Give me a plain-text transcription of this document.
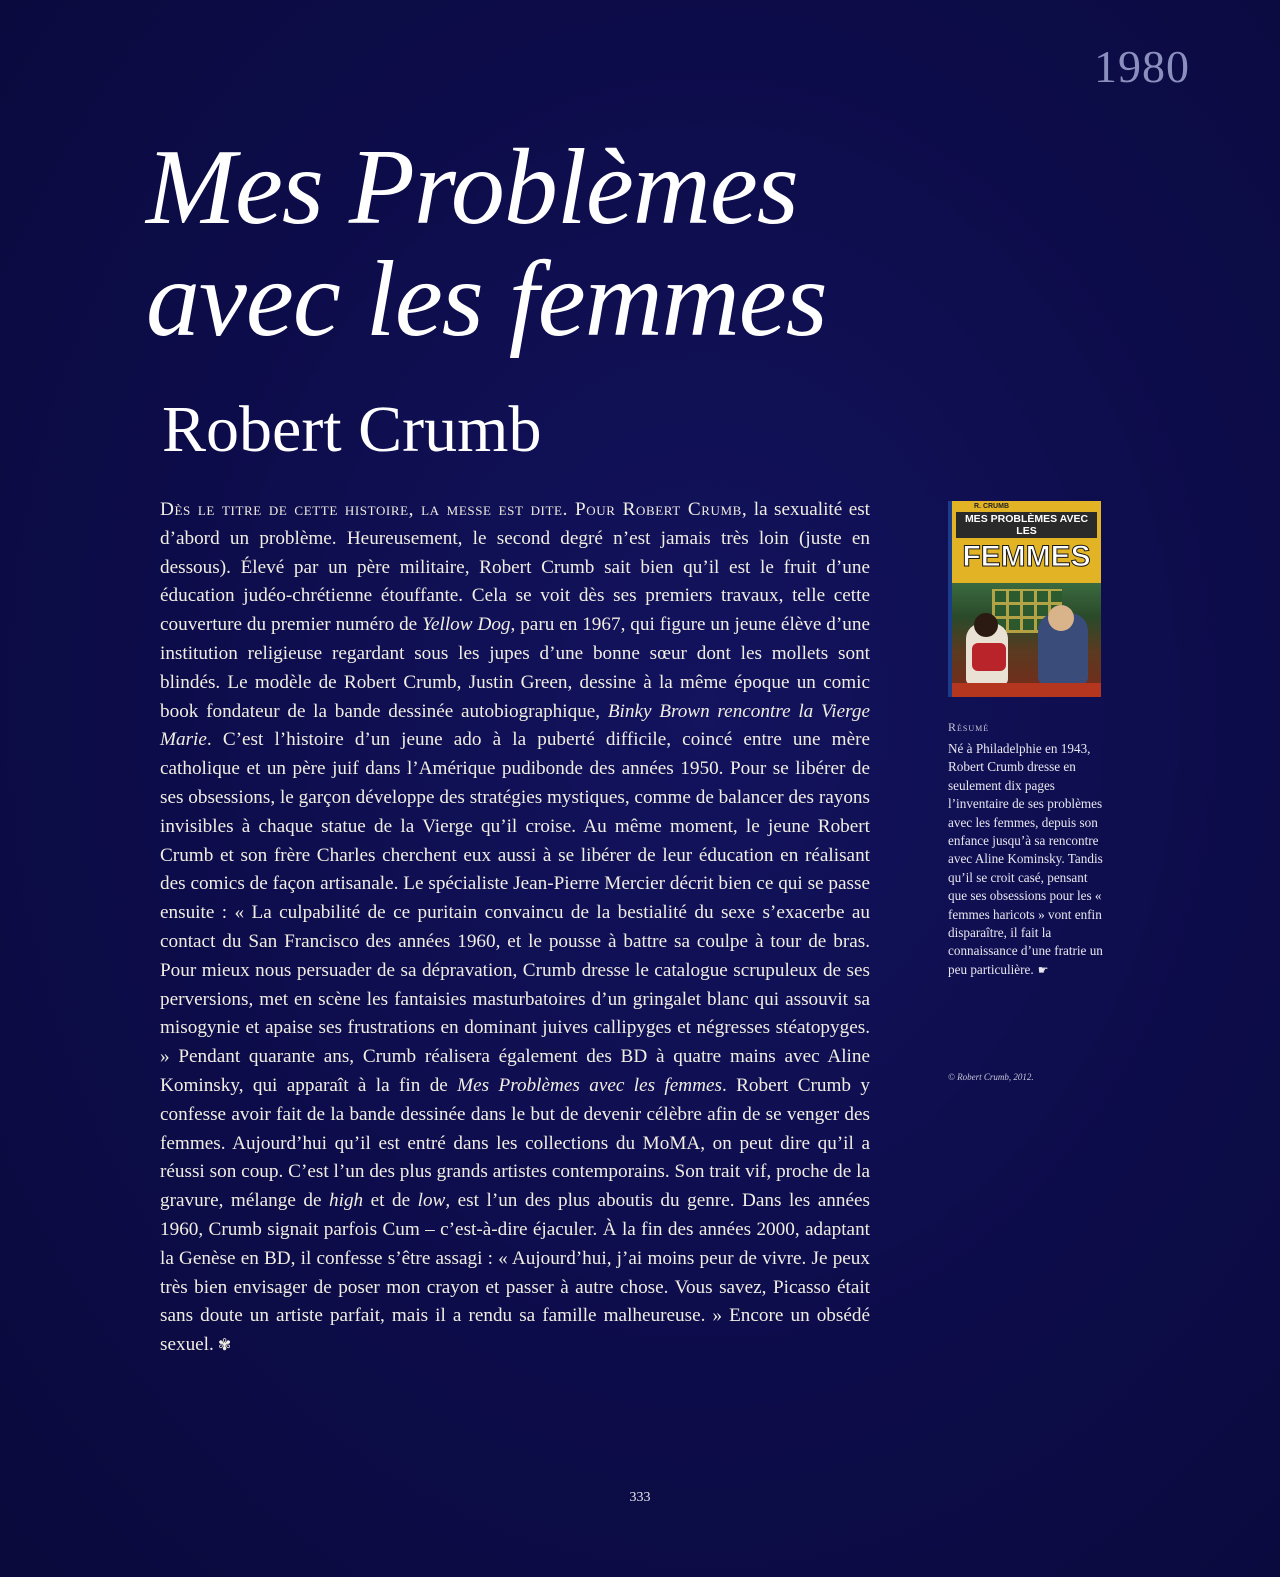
1980
Mes Problèmes
avec les femmes
Robert Crumb
Dès le titre de cette histoire, la messe est dite. Pour Robert Crumb, la sexualité est d’abord un problème. Heureusement, le second degré n’est jamais très loin (juste en dessous). Élevé par un père militaire, Robert Crumb sait bien qu’il est le fruit d’une éducation judéo-chrétienne étouffante. Cela se voit dès ses premiers travaux, telle cette couverture du premier numéro de Yellow Dog, paru en 1967, qui figure un jeune élève d’une institution religieuse regardant sous les jupes d’une bonne sœur dont les mollets sont blindés. Le modèle de Robert Crumb, Justin Green, dessine à la même époque un comic book fondateur de la bande dessinée autobiographique, Binky Brown rencontre la Vierge Marie. C’est l’histoire d’un jeune ado à la puberté difficile, coincé entre une mère catholique et un père juif dans l’Amérique pudibonde des années 1950. Pour se libérer de ses obsessions, le garçon développe des stratégies mystiques, comme de balancer des rayons invisibles à chaque statue de la Vierge qu’il croise. Au même moment, le jeune Robert Crumb et son frère Charles cherchent eux aussi à se libérer de leur éducation en réalisant des comics de façon artisanale. Le spécialiste Jean-Pierre Mercier décrit bien ce qui se passe ensuite : « La culpabilité de ce puritain convaincu de la bestialité du sexe s’exacerbe au contact du San Francisco des années 1960, et le pousse à battre sa coulpe à tour de bras. Pour mieux nous persuader de sa dépravation, Crumb dresse le catalogue scrupuleux de ses perversions, met en scène les fantaisies masturbatoires d’un gringalet blanc qui assouvit sa misogynie et apaise ses frustrations en dominant juives callipyges et négresses stéatopyges. » Pendant quarante ans, Crumb réalisera également des BD à quatre mains avec Aline Kominsky, qui apparaît à la fin de Mes Problèmes avec les femmes. Robert Crumb y confesse avoir fait de la bande dessinée dans le but de devenir célèbre afin de se venger des femmes. Aujourd’hui qu’il est entré dans les collections du MoMA, on peut dire qu’il a réussi son coup. C’est l’un des plus grands artistes contemporains. Son trait vif, proche de la gravure, mélange de high et de low, est l’un des plus aboutis du genre. Dans les années 1960, Crumb signait parfois Cum – c’est-à-dire éjaculer. À la fin des années 2000, adaptant la Genèse en BD, il confesse s’être assagi : « Aujourd’hui, j’ai moins peur de vivre. Je peux très bien envisager de poser mon crayon et passer à autre chose. Vous savez, Picasso était sans doute un artiste parfait, mais il a rendu sa famille malheureuse. » Encore un obsédé sexuel. ✾
R. CRUMB
MES PROBLÈMES AVEC LES
FEMMES
Résumé
Né à Philadelphie en 1943, Robert Crumb dresse en seulement dix pages l’inventaire de ses problèmes avec les femmes, depuis son enfance jusqu’à sa rencontre avec Aline Kominsky. Tandis qu’il se croit casé, pensant que ses obsessions pour les « femmes haricots » vont enfin disparaître, il fait la connaissance d’une fratrie un peu particulière. ☛
© Robert Crumb, 2012.
333
